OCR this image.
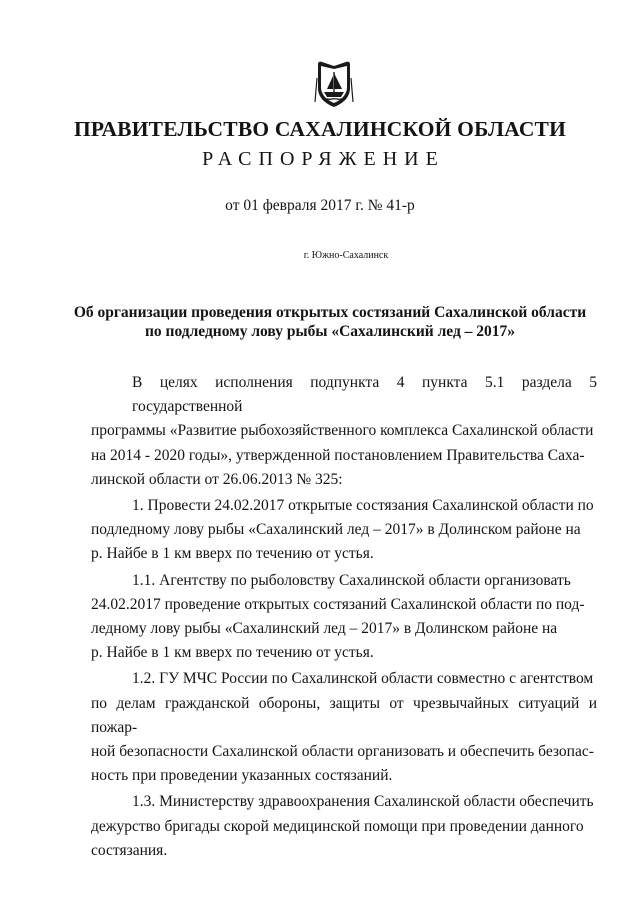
ПРАВИТЕЛЬСТВО САХАЛИНСКОЙ ОБЛАСТИ
РАСПОРЯЖЕНИЕ
от 01 февраля 2017 г. № 41-р
г. Южно-Сахалинск
Об организации проведения открытых состязаний Сахалинской области
по подледному лову рыбы «Сахалинский лед – 2017»
В целях исполнения подпункта 4 пункта 5.1 раздела 5 государственной
программы «Развитие рыбохозяйственного комплекса Сахалинской области
на 2014 - 2020 годы», утвержденной постановлением Правительства Саха-
линской области от 26.06.2013 № 325:
1. Провести 24.02.2017 открытые состязания Сахалинской области по
подледному лову рыбы «Сахалинский лед – 2017» в Долинском районе на
р. Найбе в 1 км вверх по течению от устья.
1.1. Агентству по рыболовству Сахалинской области организовать
24.02.2017 проведение открытых состязаний Сахалинской области по под-
ледному лову рыбы «Сахалинский лед – 2017» в Долинском районе на
р. Найбе в 1 км вверх по течению от устья.
1.2. ГУ МЧС России по Сахалинской области совместно с агентством
по делам гражданской обороны, защиты от чрезвычайных ситуаций и пожар-
ной безопасности Сахалинской области организовать и обеспечить безопас-
ность при проведении указанных состязаний.
1.3. Министерству здравоохранения Сахалинской области обеспечить
дежурство бригады скорой медицинской помощи при проведении данного
состязания.
